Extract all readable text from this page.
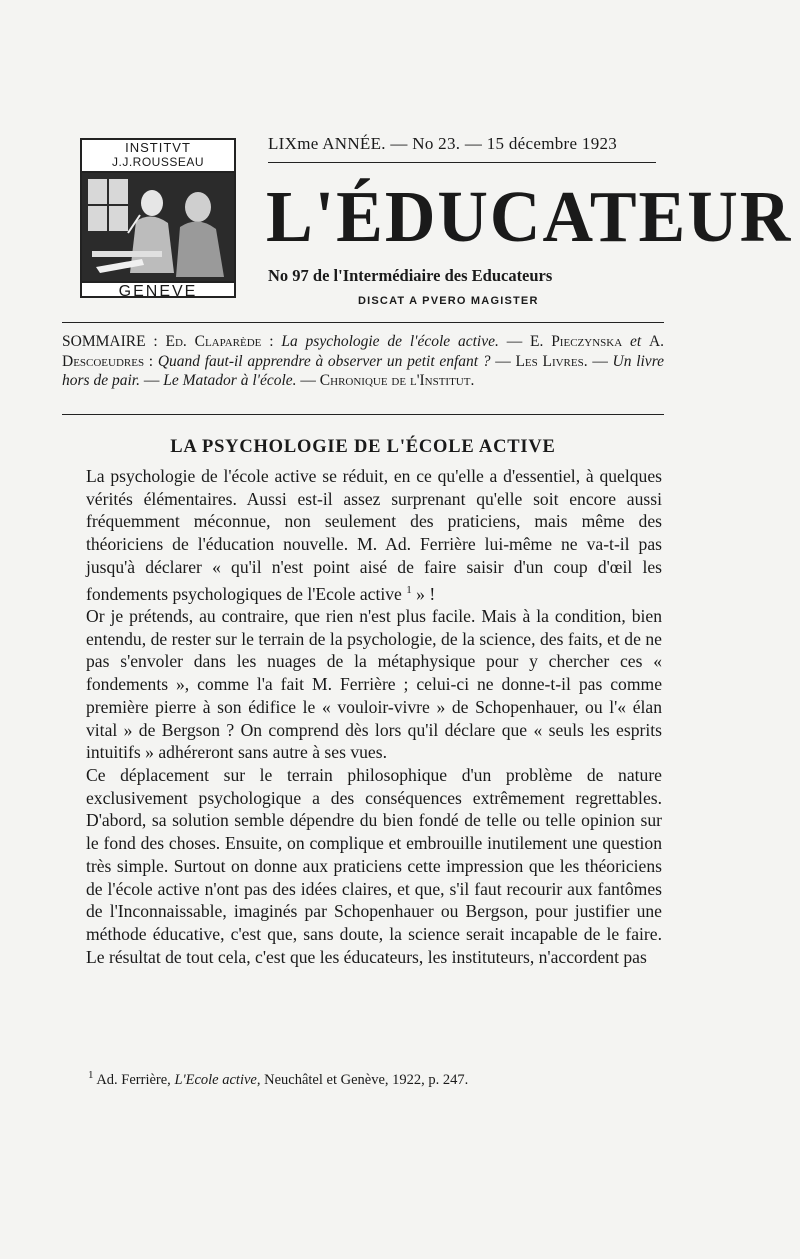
INSTITVT
J.J.ROUSSEAU
GENEVE
LIXme ANNÉE. — No 23. — 15 décembre 1923
L'ÉDUCATEUR
No 97 de l'Intermédiaire des Educateurs
DISCAT A PVERO MAGISTER
SOMMAIRE : Ed. Claparède : La psychologie de l'école active. — E. Pieczynska et A. Descoeudres : Quand faut-il apprendre à observer un petit enfant ? — Les Livres. — Un livre hors de pair. — Le Matador à l'école. — Chronique de l'Institut.
LA PSYCHOLOGIE DE L'ÉCOLE ACTIVE

La psychologie de l'école active se réduit, en ce qu'elle a d'essentiel, à quelques vérités élémentaires. Aussi est-il assez surprenant qu'elle soit encore aussi fréquemment méconnue, non seulement des praticiens, mais même des théoriciens de l'éducation nouvelle. M. Ad. Ferrière lui-même ne va-t-il pas jusqu'à déclarer « qu'il n'est point aisé de faire saisir d'un coup d'œil les fondements psychologiques de l'Ecole active $^1$ » !

Or je prétends, au contraire, que rien n'est plus facile. Mais à la condition, bien entendu, de rester sur le terrain de la psychologie, de la science, des faits, et de ne pas s'envoler dans les nuages de la métaphysique pour y chercher ces « fondements », comme l'a fait M. Ferrière ; celui-ci ne donne-t-il pas comme première pierre à son édifice le « vouloir-vivre » de Schopenhauer, ou l'« élan vital » de Bergson ? On comprend dès lors qu'il déclare que « seuls les esprits intuitifs » adhéreront sans autre à ses vues.

Ce déplacement sur le terrain philosophique d'un problème de nature exclusivement psychologique a des conséquences extrêmement regrettables. D'abord, sa solution semble dépendre du bien fondé de telle ou telle opinion sur le fond des choses. Ensuite, on complique et embrouille inutilement une question très simple. Surtout on donne aux praticiens cette impression que les théoriciens de l'école active n'ont pas des idées claires, et que, s'il faut recourir aux fantômes de l'Inconnaissable, imaginés par Schopenhauer ou Bergson, pour justifier une méthode éducative, c'est que, sans doute, la science serait incapable de le faire. Le résultat de tout cela, c'est que les éducateurs, les instituteurs, n'accordent pas

$^1$ Ad. Ferrière, L'Ecole active, Neuchâtel et Genève, 1922, p. 247.
